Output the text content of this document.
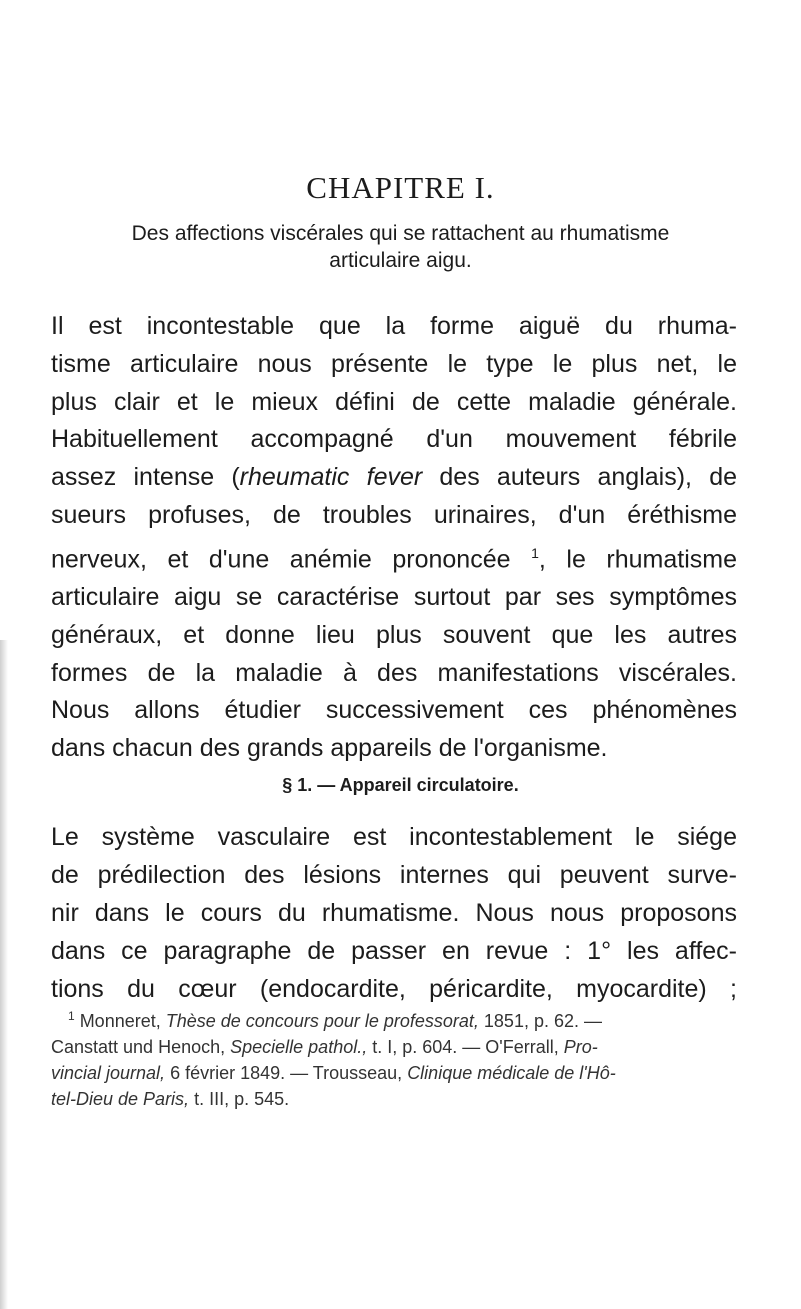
CHAPITRE I.
Des affections viscérales qui se rattachent au rhumatisme
articulaire aigu.
Il est incontestable que la forme aiguë du rhuma-
tisme articulaire nous présente le type le plus net, le
plus clair et le mieux défini de cette maladie générale.
Habituellement accompagné d'un mouvement fébrile
assez intense (rheumatic fever des auteurs anglais), de
sueurs profuses, de troubles urinaires, d'un éréthisme
nerveux, et d'une anémie prononcée $^1$, le rhumatisme
articulaire aigu se caractérise surtout par ses symptômes
généraux, et donne lieu plus souvent que les autres
formes de la maladie à des manifestations viscérales.
Nous allons étudier successivement ces phénomènes
dans chacun des grands appareils de l'organisme.
§ 1. — Appareil circulatoire.
Le système vasculaire est incontestablement le siége
de prédilection des lésions internes qui peuvent surve-
nir dans le cours du rhumatisme. Nous nous proposons
dans ce paragraphe de passer en revue : 1° les affec-
tions du cœur (endocardite, péricardite, myocardite) ;
$^1$ Monneret, Thèse de concours pour le professorat, 1851, p. 62. —
Canstatt und Henoch, Specielle pathol., t. I, p. 604. — O'Ferrall, Pro-
vincial journal, 6 février 1849. — Trousseau, Clinique médicale de l'Hô-
tel-Dieu de Paris, t. III, p. 545.
